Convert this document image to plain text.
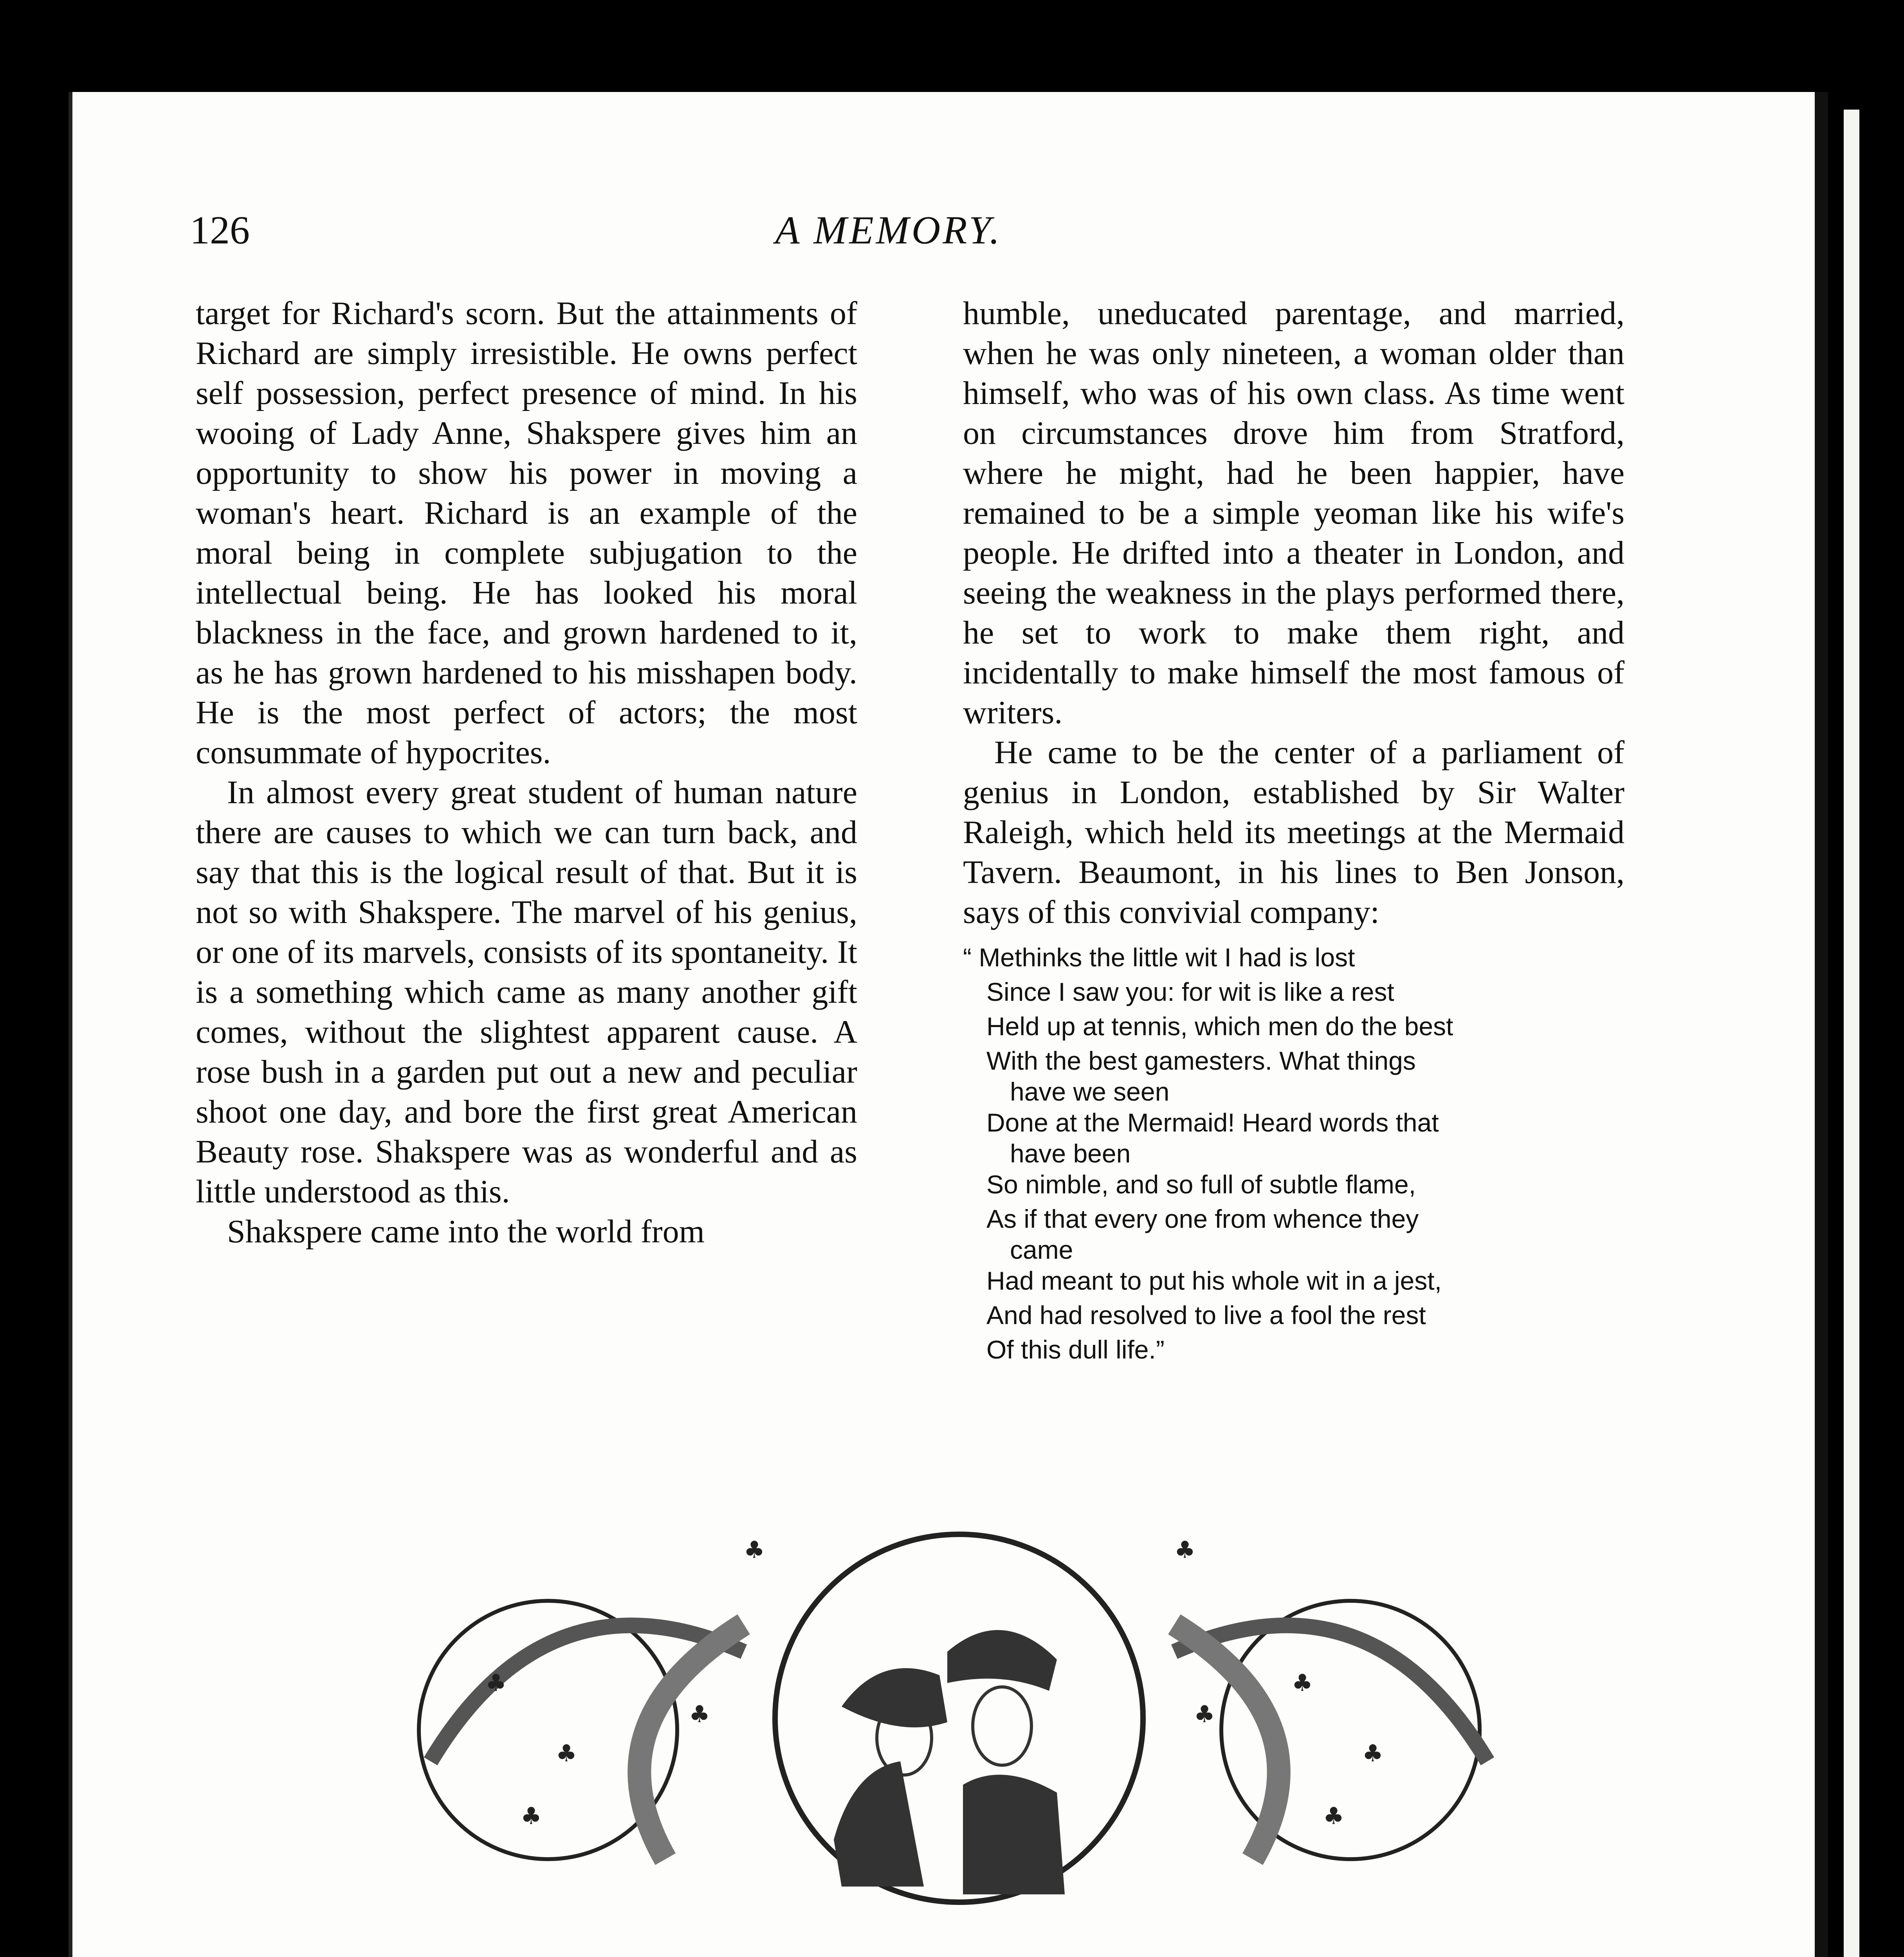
126	A MEMORY.

target for Richard's scorn. But the attainments of Richard are simply irresistible. He owns perfect self possession, perfect presence of mind. In his wooing of Lady Anne, Shakspere gives him an opportunity to show his power in moving a woman's heart. Richard is an example of the moral being in complete subjugation to the intellectual being. He has looked his moral blackness in the face, and grown hardened to it, as he has grown hardened to his misshapen body. He is the most perfect of actors; the most consummate of hypocrites.

In almost every great student of human nature there are causes to which we can turn back, and say that this is the logical result of that. But it is not so with Shakspere. The marvel of his genius, or one of its marvels, consists of its spontaneity. It is a something which came as many another gift comes, without the slightest apparent cause. A rose bush in a garden put out a new and peculiar shoot one day, and bore the first great American Beauty rose. Shakspere was as wonderful and as little understood as this.

Shakspere came into the world from

humble, uneducated parentage, and married, when he was only nineteen, a woman older than himself, who was of his own class. As time went on circumstances drove him from Stratford, where he might, had he been happier, have remained to be a simple yeoman like his wife's people. He drifted into a theater in London, and seeing the weakness in the plays performed there, he set to work to make them right, and incidentally to make himself the most famous of writers.

He came to be the center of a parliament of genius in London, established by Sir Walter Raleigh, which held its meetings at the Mermaid Tavern. Beaumont, in his lines to Ben Jonson, says of this convivial company:

“ Methinks the little wit I had is lost
Since I saw you: for wit is like a rest
Held up at tennis, which men do the best
With the best gamesters. What things
have we seen
Done at the Mermaid! Heard words that
have been
So nimble, and so full of subtle flame,
As if that every one from whence they
came
Had meant to put his whole wit in a jest,
And had resolved to live a fool the rest
Of this dull life.”
♣
♣
♣
♣
♣
♣
♣	♣
♣	♣
